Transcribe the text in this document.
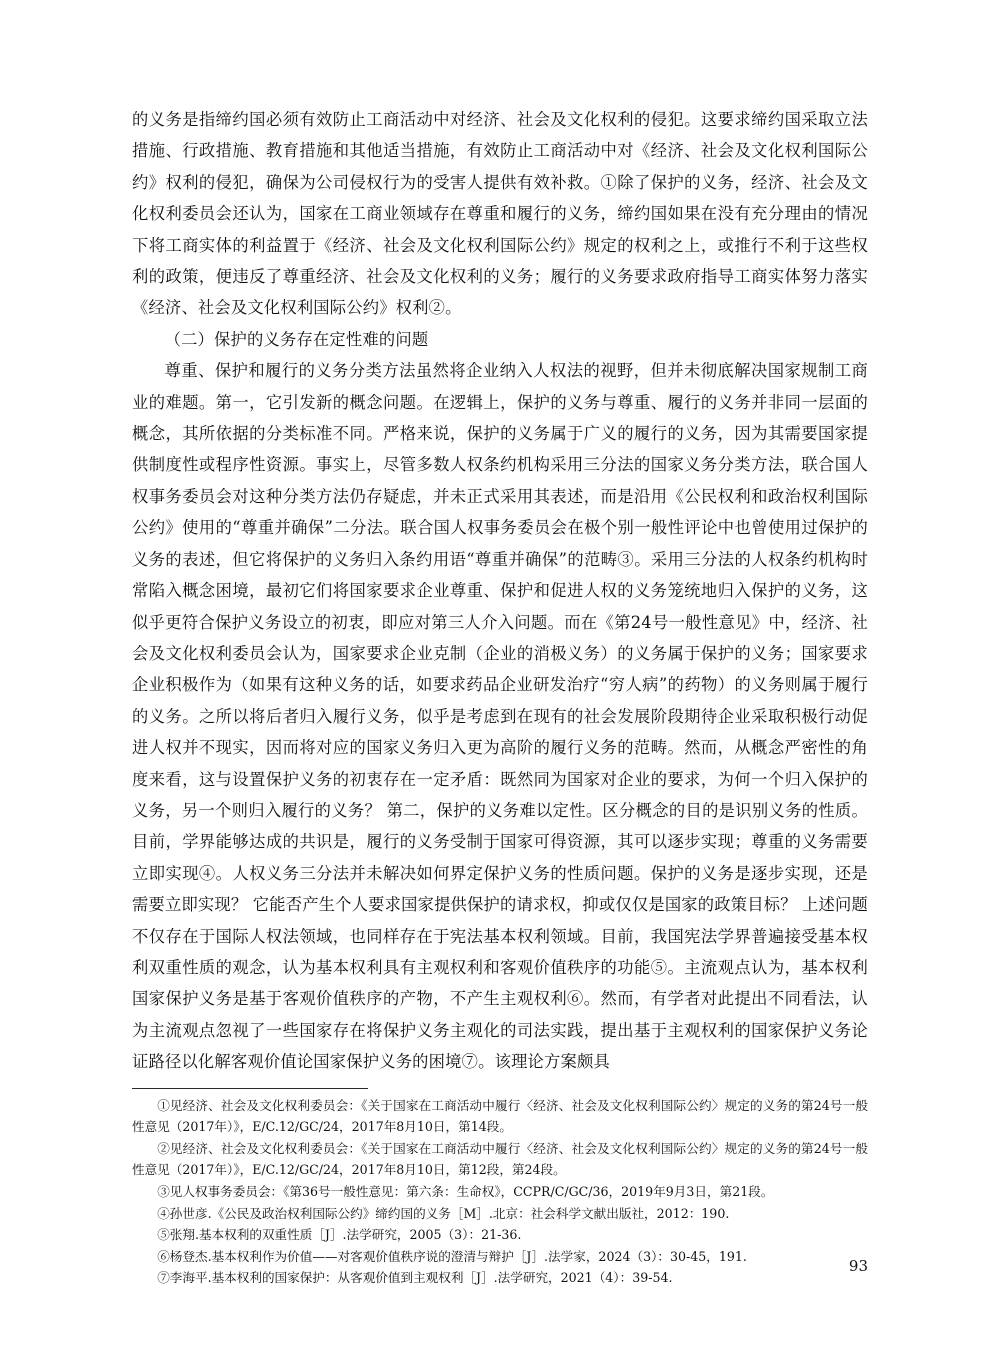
的义务是指缔约国必须有效防止工商活动中对经济、社会及文化权利的侵犯。这要求缔约国采取立法措施、行政措施、教育措施和其他适当措施，有效防止工商活动中对《经济、社会及文化权利国际公约》权利的侵犯，确保为公司侵权行为的受害人提供有效补救。①除了保护的义务，经济、社会及文化权利委员会还认为，国家在工商业领域存在尊重和履行的义务，缔约国如果在没有充分理由的情况下将工商实体的利益置于《经济、社会及文化权利国际公约》规定的权利之上，或推行不利于这些权利的政策，便违反了尊重经济、社会及文化权利的义务；履行的义务要求政府指导工商实体努力落实《经济、社会及文化权利国际公约》权利②。

（二）保护的义务存在定性难的问题

尊重、保护和履行的义务分类方法虽然将企业纳入人权法的视野，但并未彻底解决国家规制工商业的难题。第一，它引发新的概念问题。在逻辑上，保护的义务与尊重、履行的义务并非同一层面的概念，其所依据的分类标准不同。严格来说，保护的义务属于广义的履行的义务，因为其需要国家提供制度性或程序性资源。事实上，尽管多数人权条约机构采用三分法的国家义务分类方法，联合国人权事务委员会对这种分类方法仍存疑虑，并未正式采用其表述，而是沿用《公民权利和政治权利国际公约》使用的“尊重并确保”二分法。联合国人权事务委员会在极个别一般性评论中也曾使用过保护的义务的表述，但它将保护的义务归入条约用语“尊重并确保”的范畴③。采用三分法的人权条约机构时常陷入概念困境，最初它们将国家要求企业尊重、保护和促进人权的义务笼统地归入保护的义务，这似乎更符合保护义务设立的初衷，即应对第三人介入问题。而在《第24号一般性意见》中，经济、社会及文化权利委员会认为，国家要求企业克制（企业的消极义务）的义务属于保护的义务；国家要求企业积极作为（如果有这种义务的话，如要求药品企业研发治疗“穷人病”的药物）的义务则属于履行的义务。之所以将后者归入履行义务，似乎是考虑到在现有的社会发展阶段期待企业采取积极行动促进人权并不现实，因而将对应的国家义务归入更为高阶的履行义务的范畴。然而，从概念严密性的角度来看，这与设置保护义务的初衷存在一定矛盾：既然同为国家对企业的要求，为何一个归入保护的义务，另一个则归入履行的义务？ 第二，保护的义务难以定性。区分概念的目的是识别义务的性质。目前，学界能够达成的共识是，履行的义务受制于国家可得资源，其可以逐步实现；尊重的义务需要立即实现④。人权义务三分法并未解决如何界定保护义务的性质问题。保护的义务是逐步实现，还是需要立即实现？ 它能否产生个人要求国家提供保护的请求权，抑或仅仅是国家的政策目标？ 上述问题不仅存在于国际人权法领域，也同样存在于宪法基本权利领域。目前，我国宪法学界普遍接受基本权利双重性质的观念，认为基本权利具有主观权利和客观价值秩序的功能⑤。主流观点认为，基本权利国家保护义务是基于客观价值秩序的产物，不产生主观权利⑥。然而，有学者对此提出不同看法，认为主流观点忽视了一些国家存在将保护义务主观化的司法实践，提出基于主观权利的国家保护义务论证路径以化解客观价值论国家保护义务的困境⑦。该理论方案颇具

①见经济、社会及文化权利委员会：《关于国家在工商活动中履行〈经济、社会及文化权利国际公约〉规定的义务的第24号一般性意见（2017年）》，E/C.12/GC/24，2017年8月10日，第14段。

②见经济、社会及文化权利委员会：《关于国家在工商活动中履行〈经济、社会及文化权利国际公约〉规定的义务的第24号一般性意见（2017年）》，E/C.12/GC/24，2017年8月10日，第12段，第24段。

③见人权事务委员会：《第36号一般性意见：第六条：生命权》，CCPR/C/GC/36，2019年9月3日，第21段。

④孙世彦.《公民及政治权利国际公约》缔约国的义务［M］.北京：社会科学文献出版社，2012：190.

⑤张翔.基本权利的双重性质［J］.法学研究，2005（3）：21-36.

⑥杨登杰.基本权利作为价值——对客观价值秩序说的澄清与辩护［J］.法学家，2024（3）：30-45，191.

⑦李海平.基本权利的国家保护：从客观价值到主观权利［J］.法学研究，2021（4）：39-54.

93
